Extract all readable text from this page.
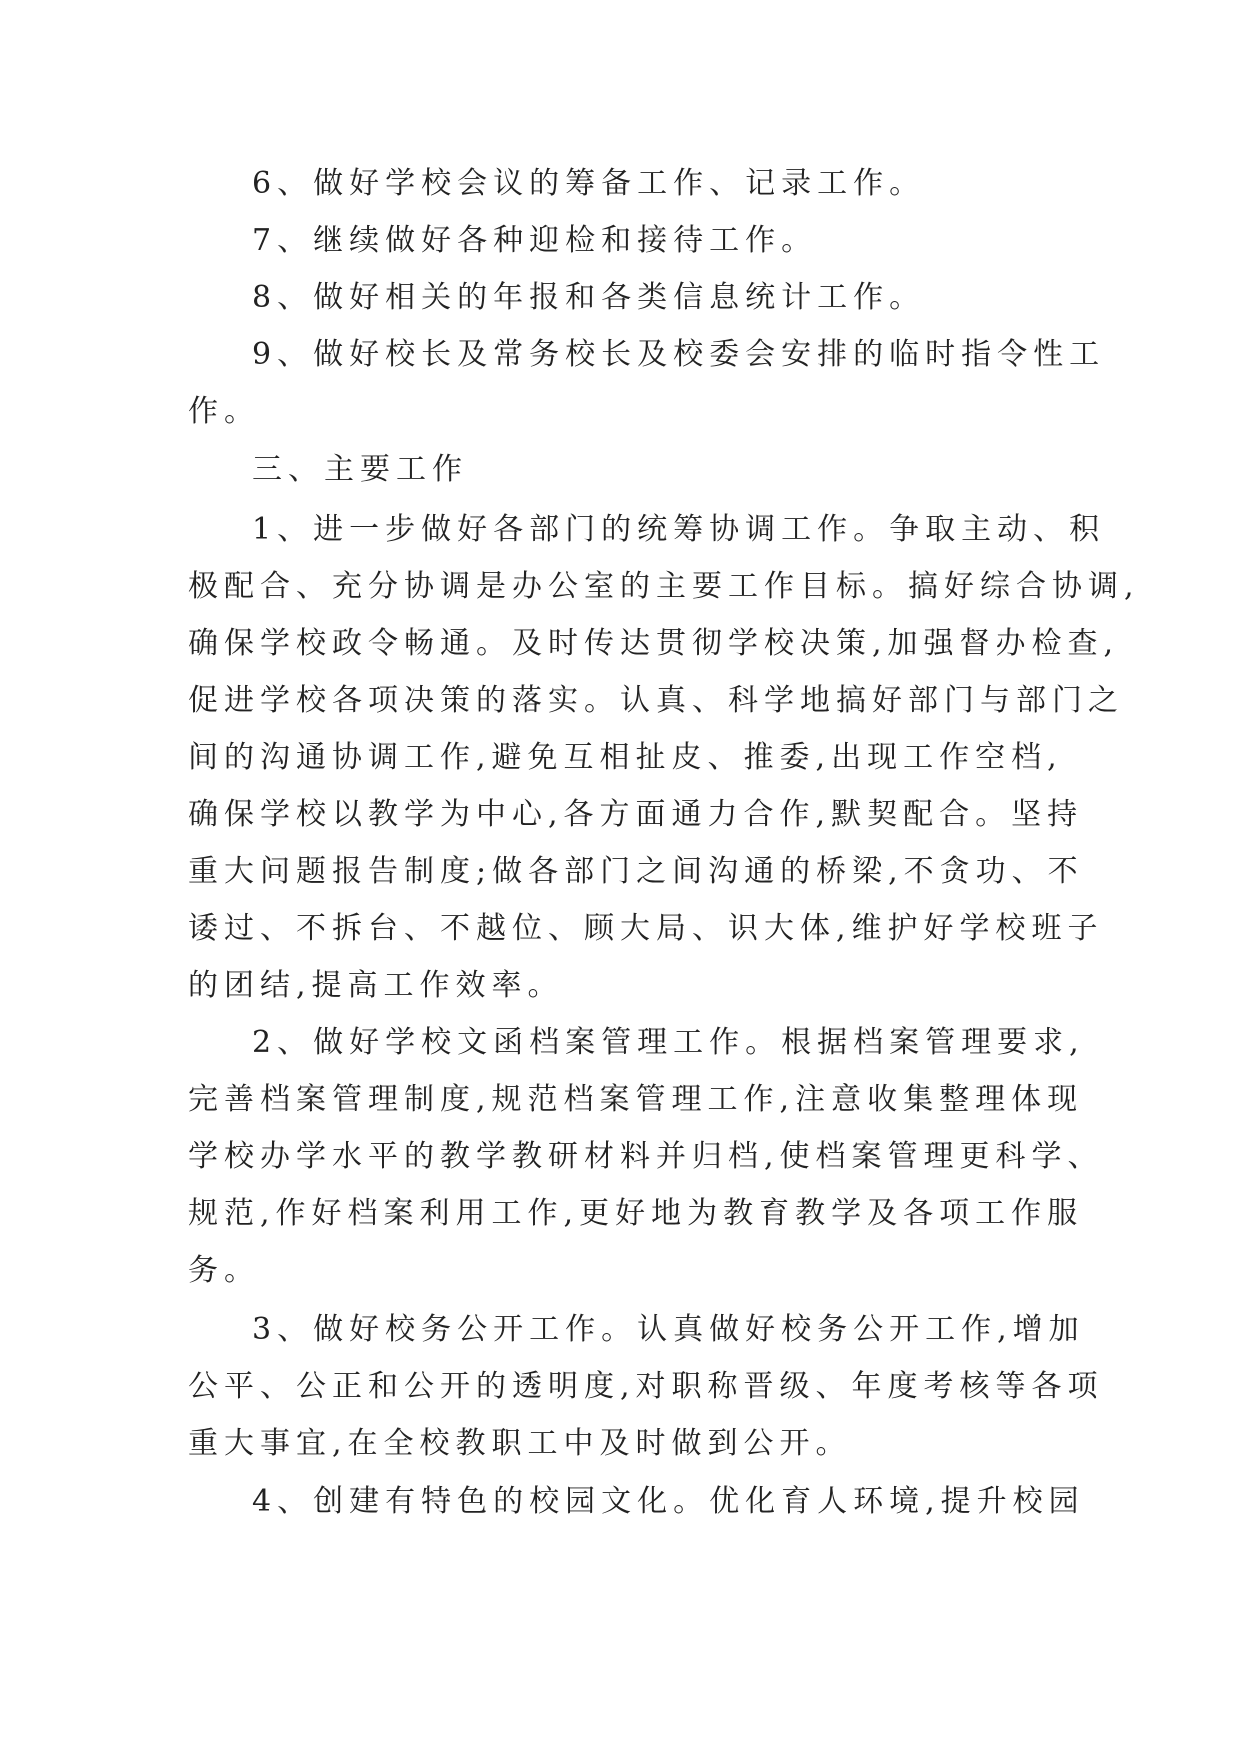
6、做好学校会议的筹备工作、记录工作。
7、继续做好各种迎检和接待工作。
8、做好相关的年报和各类信息统计工作。
9、做好校长及常务校长及校委会安排的临时指令性工
作。
三、主要工作
1、进一步做好各部门的统筹协调工作。争取主动、积
极配合、充分协调是办公室的主要工作目标。搞好综合协调,
确保学校政令畅通。及时传达贯彻学校决策,加强督办检查,
促进学校各项决策的落实。认真、科学地搞好部门与部门之
间的沟通协调工作,避免互相扯皮、推委,出现工作空档,
确保学校以教学为中心,各方面通力合作,默契配合。坚持
重大问题报告制度;做各部门之间沟通的桥梁,不贪功、不
诿过、不拆台、不越位、顾大局、识大体,维护好学校班子
的团结,提高工作效率。
2、做好学校文函档案管理工作。根据档案管理要求,
完善档案管理制度,规范档案管理工作,注意收集整理体现
学校办学水平的教学教研材料并归档,使档案管理更科学、
规范,作好档案利用工作,更好地为教育教学及各项工作服
务。
3、做好校务公开工作。认真做好校务公开工作,增加
公平、公正和公开的透明度,对职称晋级、年度考核等各项
重大事宜,在全校教职工中及时做到公开。
4、创建有特色的校园文化。优化育人环境,提升校园
